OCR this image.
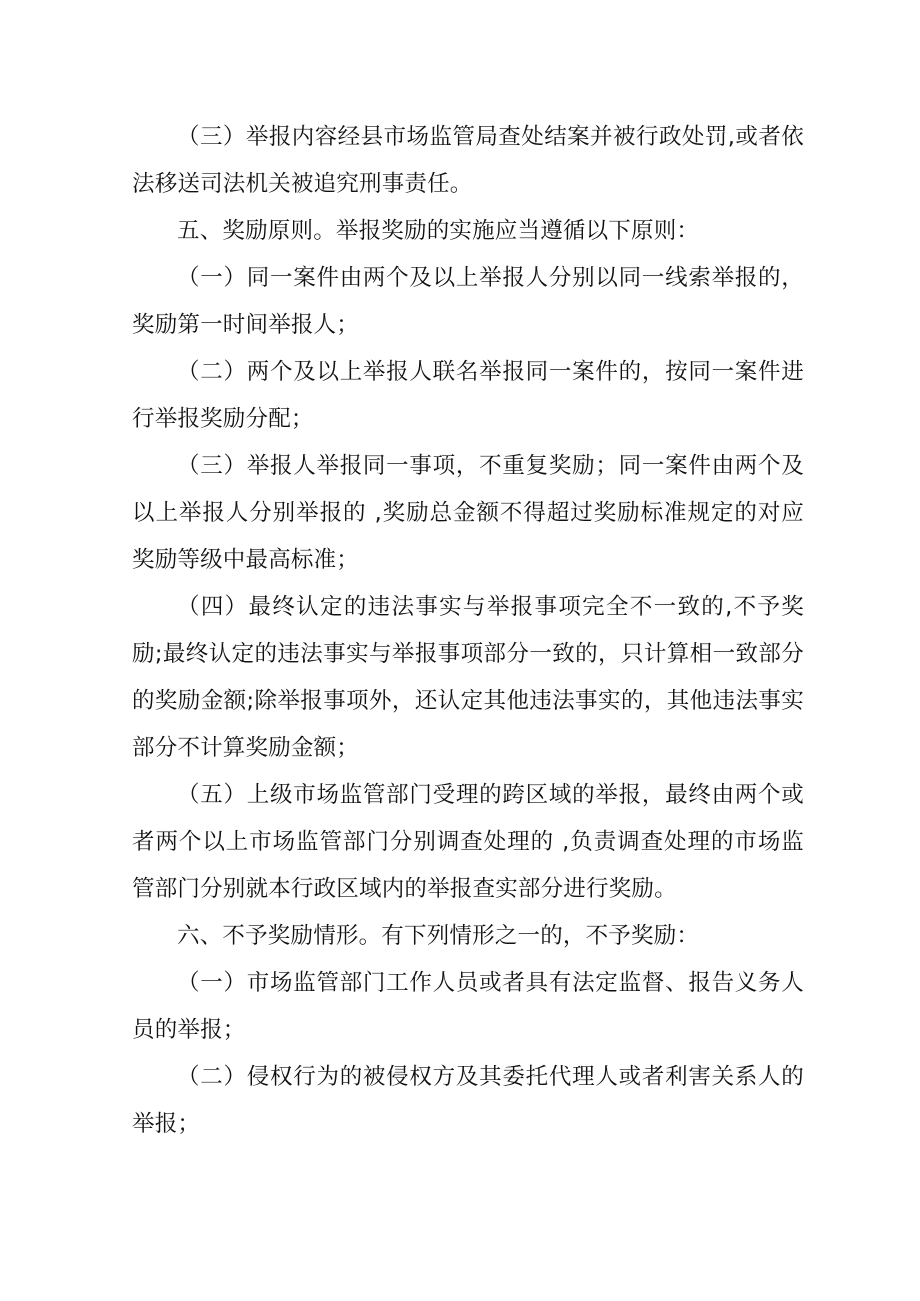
（三）举报内容经县市场监管局查处结案并被行政处罚,或者依法移送司法机关被追究刑事责任。

五、奖励原则。举报奖励的实施应当遵循以下原则：

（一）同一案件由两个及以上举报人分别以同一线索举报的，奖励第一时间举报人；

（二）两个及以上举报人联名举报同一案件的，按同一案件进行举报奖励分配；

（三）举报人举报同一事项，不重复奖励；同一案件由两个及以上举报人分别举报的 ,奖励总金额不得超过奖励标准规定的对应奖励等级中最高标准；

（四）最终认定的违法事实与举报事项完全不一致的,不予奖励;最终认定的违法事实与举报事项部分一致的，只计算相一致部分的奖励金额;除举报事项外，还认定其他违法事实的，其他违法事实部分不计算奖励金额；

（五）上级市场监管部门受理的跨区域的举报，最终由两个或者两个以上市场监管部门分别调查处理的 ,负责调查处理的市场监管部门分别就本行政区域内的举报查实部分进行奖励。

六、不予奖励情形。有下列情形之一的，不予奖励：

（一）市场监管部门工作人员或者具有法定监督、报告义务人员的举报；

（二）侵权行为的被侵权方及其委托代理人或者利害关系人的举报；
